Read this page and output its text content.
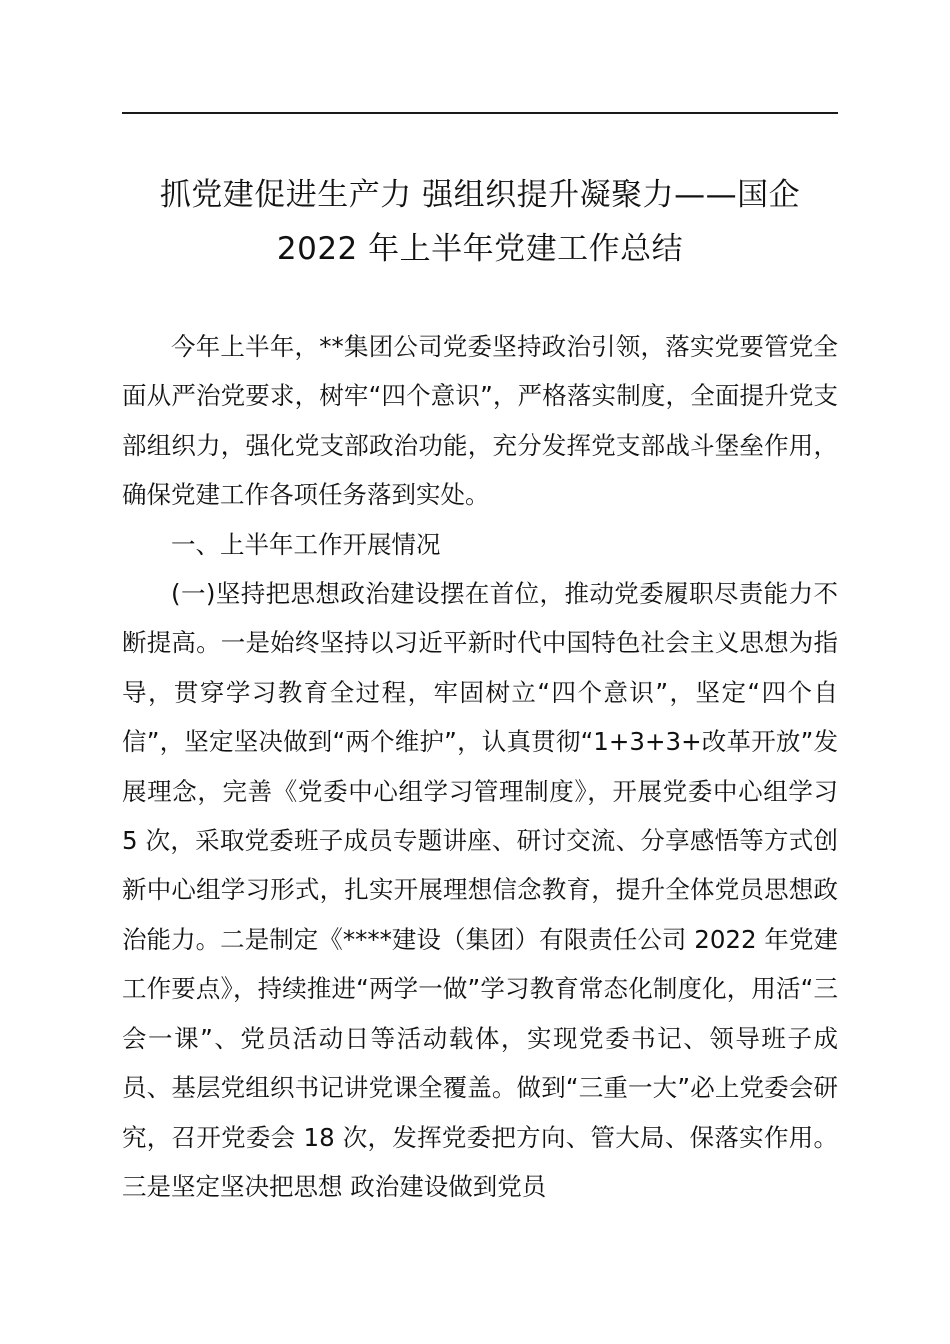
抓党建促进生产力 强组织提升凝聚力——国企
2022 年上半年党建工作总结

今年上半年，**集团公司党委坚持政治引领，落实党要管党全面从严治党要求，树牢“四个意识”，严格落实制度，全面提升党支部组织力，强化党支部政治功能，充分发挥党支部战斗堡垒作用，确保党建工作各项任务落到实处。

一、上半年工作开展情况

(一)坚持把思想政治建设摆在首位，推动党委履职尽责能力不断提高。一是始终坚持以习近平新时代中国特色社会主义思想为指导，贯穿学习教育全过程，牢固树立“四个意识”，坚定“四个自信”，坚定坚决做到“两个维护”，认真贯彻“1+3+3+改革开放”发展理念，完善《党委中心组学习管理制度》，开展党委中心组学习 5 次，采取党委班子成员专题讲座、研讨交流、分享感悟等方式创新中心组学习形式，扎实开展理想信念教育，提升全体党员思想政治能力。二是制定《****建设（集团）有限责任公司 2022 年党建工作要点》，持续推进“两学一做”学习教育常态化制度化，用活“三会一课”、党员活动日等活动载体，实现党委书记、领导班子成员、基层党组织书记讲党课全覆盖。做到“三重一大”必上党委会研究，召开党委会 18 次，发挥党委把方向、管大局、保落实作用。三是坚定坚决把思想 政治建设做到党员
